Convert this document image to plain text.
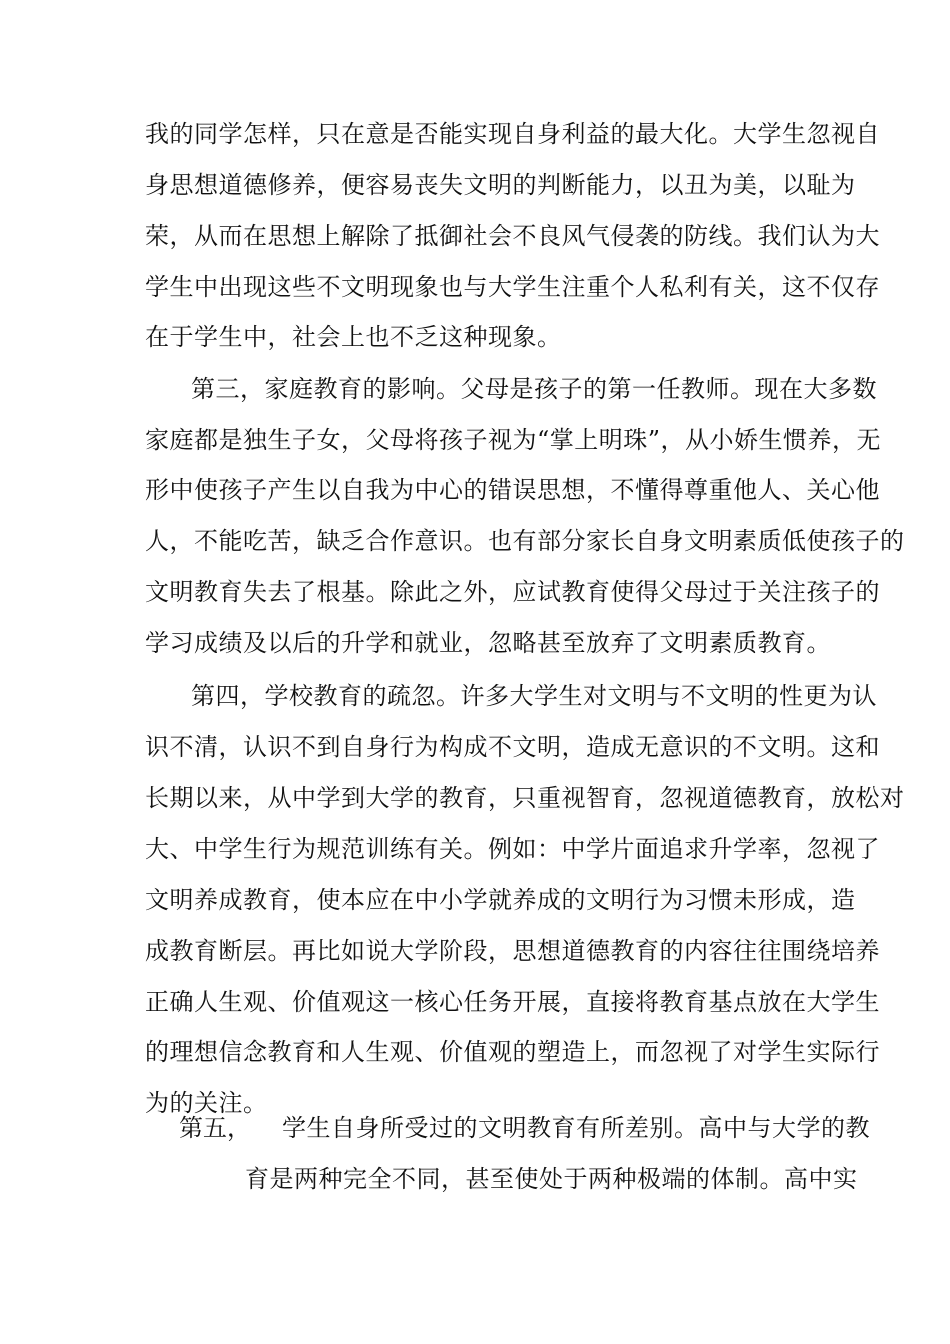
我的同学怎样，只在意是否能实现自身利益的最大化。大学生忽视自
身思想道德修养，便容易丧失文明的判断能力，以丑为美，以耻为
荣，从而在思想上解除了抵御社会不良风气侵袭的防线。我们认为大
学生中出现这些不文明现象也与大学生注重个人私利有关，这不仅存
在于学生中，社会上也不乏这种现象。
第三，家庭教育的影响。父母是孩子的第一任教师。现在大多数
家庭都是独生子女，父母将孩子视为“掌上明珠”，从小娇生惯养，无
形中使孩子产生以自我为中心的错误思想，不懂得尊重他人、关心他
人，不能吃苦，缺乏合作意识。也有部分家长自身文明素质低使孩子的
文明教育失去了根基。除此之外，应试教育使得父母过于关注孩子的
学习成绩及以后的升学和就业，忽略甚至放弃了文明素质教育。
第四，学校教育的疏忽。许多大学生对文明与不文明的性更为认
识不清，认识不到自身行为构成不文明，造成无意识的不文明。这和
长期以来，从中学到大学的教育，只重视智育，忽视道德教育，放松对
大、中学生行为规范训练有关。例如：中学片面追求升学率，忽视了
文明养成教育，使本应在中小学就养成的文明行为习惯未形成，造
成教育断层。再比如说大学阶段，思想道德教育的内容往往围绕培养
正确人生观、价值观这一核心任务开展，直接将教育基点放在大学生
的理想信念教育和人生观、价值观的塑造上，而忽视了对学生实际行
为的关注。
第五， 学生自身所受过的文明教育有所差别。高中与大学的教
育是两种完全不同，甚至使处于两种极端的体制。高中实
